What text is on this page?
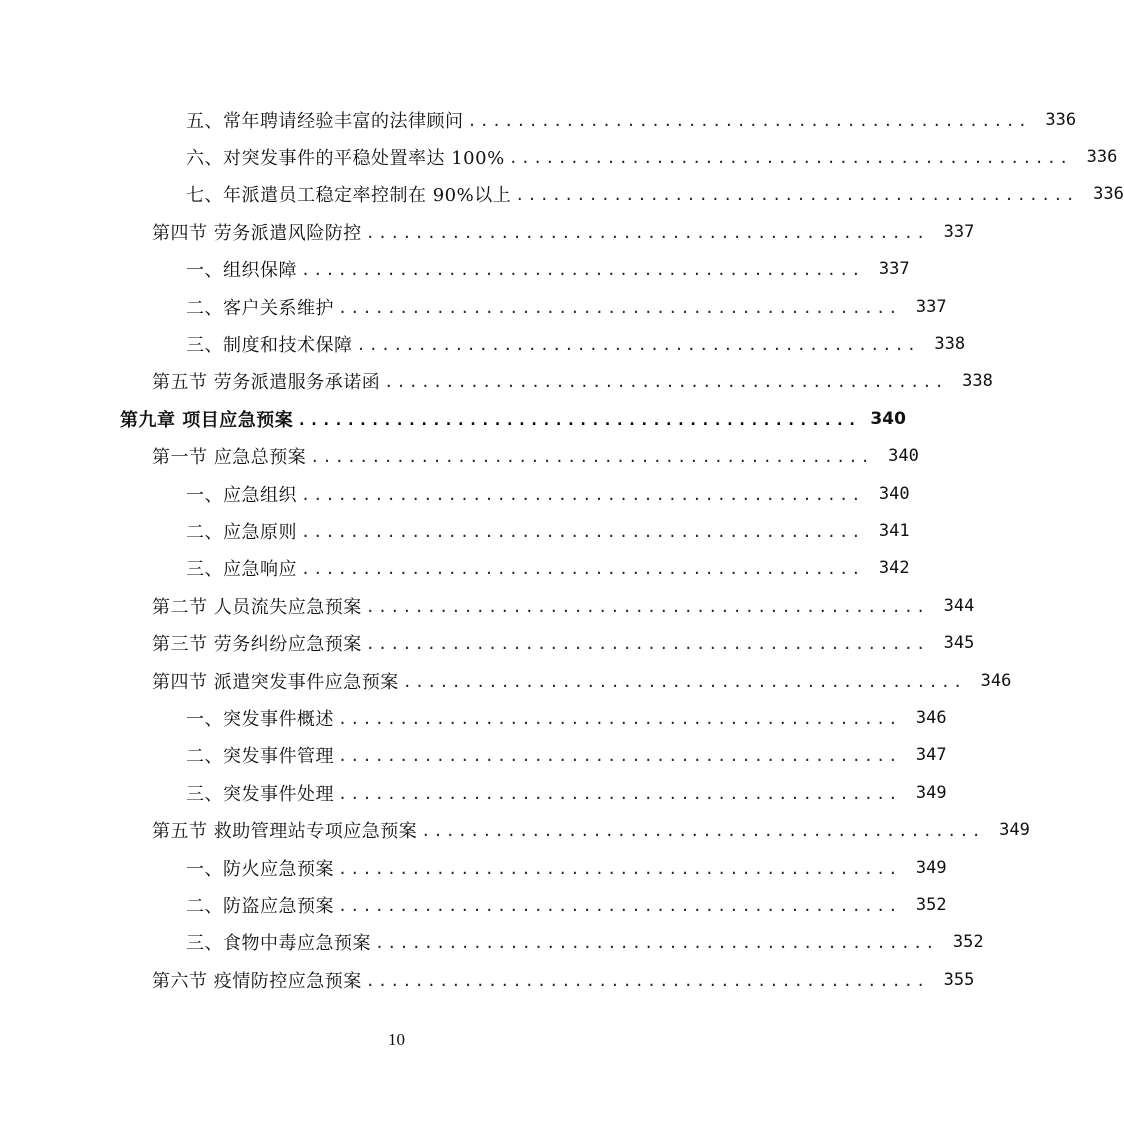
五、常年聘请经验丰富的法律顾问 .............................................. 336
六、对突发事件的平稳处置率达 100% .............................................. 336
七、年派遣员工稳定率控制在 90%以上 .............................................. 336
第四节 劳务派遣风险防控 .............................................. 337
一、组织保障 .............................................. 337
二、客户关系维护 .............................................. 337
三、制度和技术保障 .............................................. 338
第五节 劳务派遣服务承诺函 .............................................. 338
第九章 项目应急预案 .............................................. 340
第一节 应急总预案 .............................................. 340
一、应急组织 .............................................. 340
二、应急原则 .............................................. 341
三、应急响应 .............................................. 342
第二节 人员流失应急预案 .............................................. 344
第三节 劳务纠纷应急预案 .............................................. 345
第四节 派遣突发事件应急预案 .............................................. 346
一、突发事件概述 .............................................. 346
二、突发事件管理 .............................................. 347
三、突发事件处理 .............................................. 349
第五节 救助管理站专项应急预案 .............................................. 349
一、防火应急预案 .............................................. 349
二、防盗应急预案 .............................................. 352
三、食物中毒应急预案 .............................................. 352
第六节 疫情防控应急预案 .............................................. 355
10
